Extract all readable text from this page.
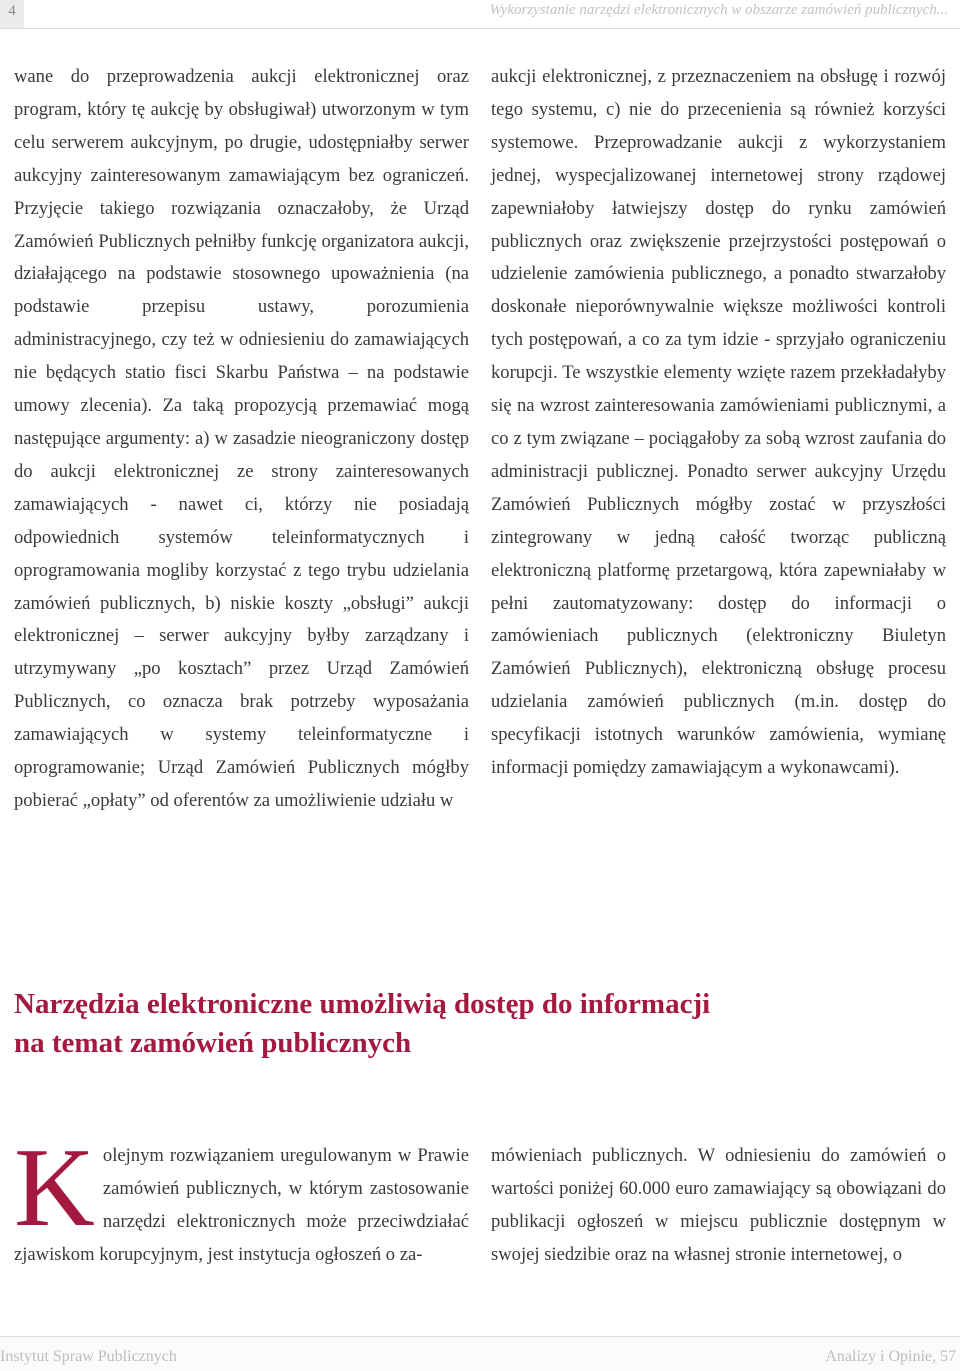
4	Wykorzystanie narzędzi elektronicznych w obszarze zamówień publicznych...

wane do przeprowadzenia aukcji elektronicznej oraz program, który tę aukcję by obsługiwał) utworzonym w tym celu serwerem aukcyjnym, po drugie, udostępniałby serwer aukcyjny zainteresowanym zamawiającym bez ograniczeń. Przyjęcie takiego rozwiązania oznaczałoby, że Urząd Zamówień Publicznych pełniłby funkcję organizatora aukcji, działającego na podstawie stosownego upoważnienia (na podstawie przepisu ustawy, porozumienia administracyjnego, czy też w odniesieniu do zamawiających nie będących statio fisci Skarbu Państwa – na podstawie umowy zlecenia). Za taką propozycją przemawiać mogą następujące argumenty: a) w zasadzie nieograniczony dostęp do aukcji elektronicznej ze strony zainteresowanych zamawiających - nawet ci, którzy nie posiadają odpowiednich systemów teleinformatycznych i oprogramowania mogliby korzystać z tego trybu udzielania zamówień publicznych, b) niskie koszty „obsługi” aukcji elektronicznej – serwer aukcyjny byłby zarządzany i utrzymywany „po kosztach” przez Urząd Zamówień Publicznych, co oznacza brak potrzeby wyposażania zamawiających w systemy teleinformatyczne i oprogramowanie; Urząd Zamówień Publicznych mógłby pobierać „opłaty” od oferentów za umożliwienie udziału w

aukcji elektronicznej, z przeznaczeniem na obsługę i rozwój tego systemu, c) nie do przecenienia są również korzyści systemowe. Przeprowadzanie aukcji z wykorzystaniem jednej, wyspecjalizowanej internetowej strony rządowej zapewniałoby łatwiejszy dostęp do rynku zamówień publicznych oraz zwiększenie przejrzystości postępowań o udzielenie zamówienia publicznego, a ponadto stwarzałoby doskonałe nieporównywalnie większe możliwości kontroli tych postępowań, a co za tym idzie - sprzyjało ograniczeniu korupcji. Te wszystkie elementy wzięte razem przekładałyby się na wzrost zainteresowania zamówieniami publicznymi, a co z tym związane – pociągałoby za sobą wzrost zaufania do administracji publicznej. Ponadto serwer aukcyjny Urzędu Zamówień Publicznych mógłby zostać w przyszłości zintegrowany w jedną całość tworząc publiczną elektroniczną platformę przetargową, która zapewniałaby w pełni zautomatyzowany: dostęp do informacji o zamówieniach publicznych (elektroniczny Biuletyn Zamówień Publicznych), elektroniczną obsługę procesu udzielania zamówień publicznych (m.in. dostęp do specyfikacji istotnych warunków zamówienia, wymianę informacji pomiędzy zamawiającym a wykonawcami).

Narzędzia elektroniczne umożliwią dostęp do informacji
na temat zamówień publicznych

Kolejnym rozwiązaniem uregulowanym w Prawie zamówień publicznych, w którym zastosowanie narzędzi elektronicznych może przeciwdziałać zjawiskom korupcyjnym, jest instytucja ogłoszeń o za-

mówieniach publicznych. W odniesieniu do zamówień o wartości poniżej 60.000 euro zamawiający są obowiązani do publikacji ogłoszeń w miejscu publicznie dostępnym w swojej siedzibie oraz na własnej stronie internetowej, o

Instytut Spraw Publicznych	Analizy i Opinie, 57
